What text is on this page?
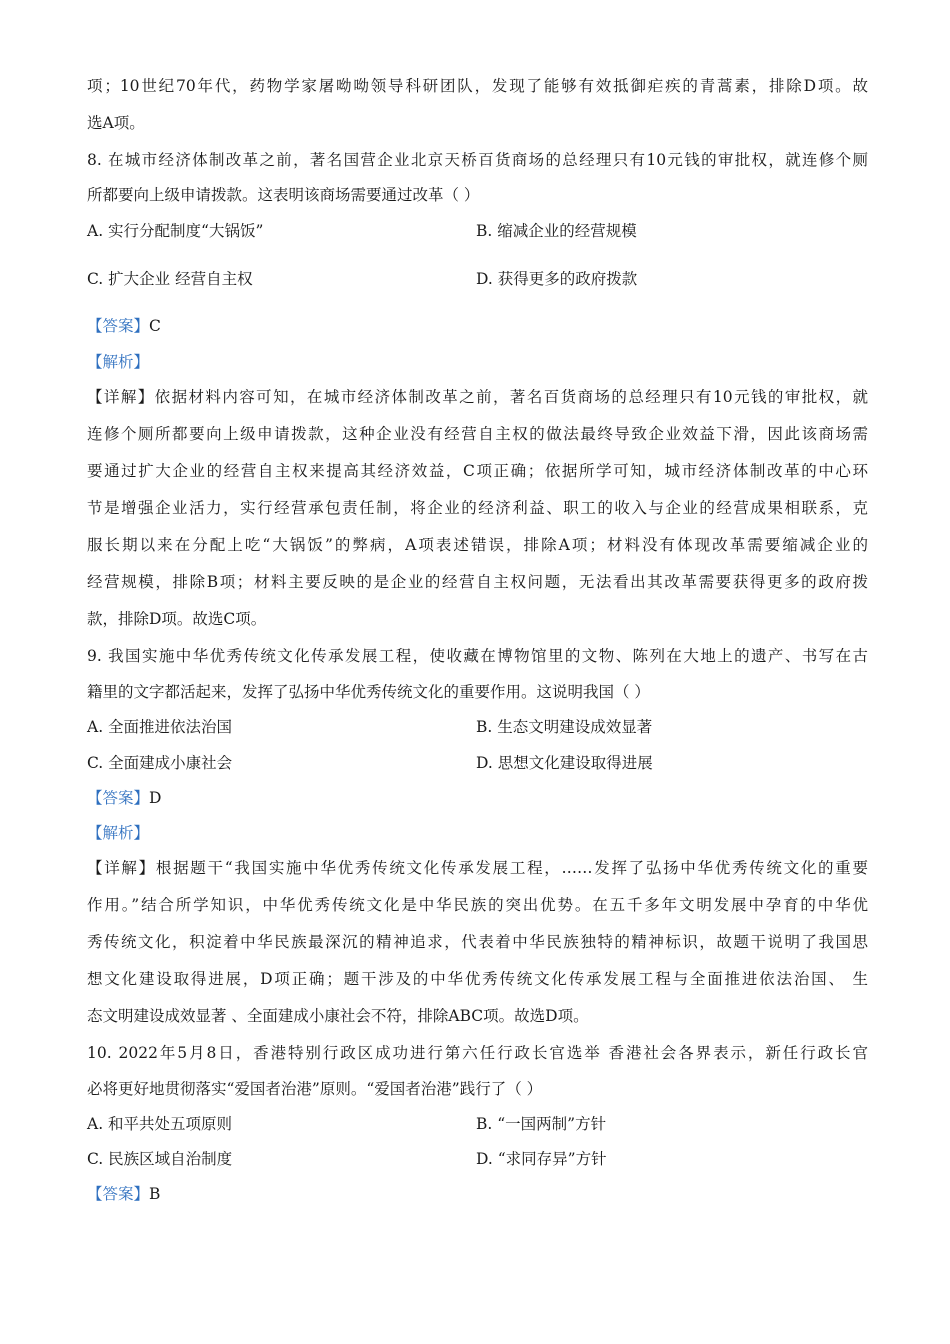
项；10世纪70年代，药物学家屠呦呦领导科研团队，发现了能够有效抵御疟疾的青蒿素，排除D项。故
选A项。
8. 在城市经济体制改革之前，著名国营企业北京天桥百货商场的总经理只有10元钱的审批权，就连修个厕
所都要向上级申请拨款。这表明该商场需要通过改革（ ）
A. 实行分配制度“大锅饭”	B. 缩减企业的经营规模
C. 扩大企业 经营自主权	D. 获得更多的政府拨款
【答案】C
【解析】
【详解】依据材料内容可知，在城市经济体制改革之前，著名百货商场的总经理只有10元钱的审批权，就
连修个厕所都要向上级申请拨款，这种企业没有经营自主权的做法最终导致企业效益下滑，因此该商场需
要通过扩大企业的经营自主权来提高其经济效益，C项正确；依据所学可知，城市经济体制改革的中心环
节是增强企业活力，实行经营承包责任制，将企业的经济利益、职工的收入与企业的经营成果相联系，克
服长期以来在分配上吃“大锅饭”的弊病，A项表述错误，排除A项；材料没有体现改革需要缩减企业的
经营规模，排除B项；材料主要反映的是企业的经营自主权问题，无法看出其改革需要获得更多的政府拨
款，排除D项。故选C项。
9. 我国实施中华优秀传统文化传承发展工程，使收藏在博物馆里的文物、陈列在大地上的遗产、书写在古
籍里的文字都活起来，发挥了弘扬中华优秀传统文化的重要作用。这说明我国（ ）
A. 全面推进依法治国	B. 生态文明建设成效显著
C. 全面建成小康社会	D. 思想文化建设取得进展
【答案】D
【解析】
【详解】根据题干“我国实施中华优秀传统文化传承发展工程，……发挥了弘扬中华优秀传统文化的重要
作用。”结合所学知识，中华优秀传统文化是中华民族的突出优势。在五千多年文明发展中孕育的中华优
秀传统文化，积淀着中华民族最深沉的精神追求，代表着中华民族独特的精神标识，故题干说明了我国思
想文化建设取得进展，D项正确；题干涉及的中华优秀传统文化传承发展工程与全面推进依法治国、 生
态文明建设成效显著 、全面建成小康社会不符，排除ABC项。故选D项。
10. 2022年5月8日，香港特别行政区成功进行第六任行政长官选举 香港社会各界表示，新任行政长官
必将更好地贯彻落实“爱国者治港”原则。“爱国者治港”践行了（ ）
A. 和平共处五项原则	B. “一国两制”方针
C. 民族区域自治制度	D. “求同存异”方针
【答案】B
